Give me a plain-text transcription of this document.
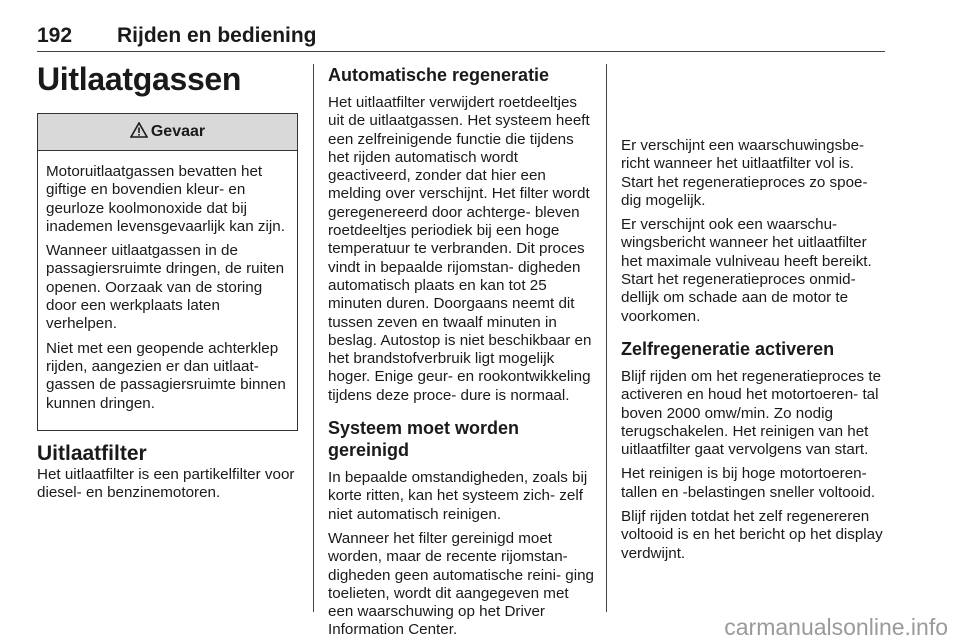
192 Rijden en bediening
Uitlaatgassen
Gevaar

Motoruitlaatgassen bevatten het giftige en bovendien kleur- en geurloze koolmonoxide dat bij inademen levensgevaarlijk kan zijn.

Wanneer uitlaatgassen in de passagiersruimte dringen, de ruiten openen. Oorzaak van de storing door een werkplaats laten verhelpen.

Niet met een geopende achterklep rijden, aangezien er dan uitlaat- gassen de passagiersruimte binnen kunnen dringen.

Uitlaatfilter

Het uitlaatfilter is een partikelfilter voor diesel- en benzinemotoren.

Automatische regeneratie

Het uitlaatfilter verwijdert roetdeeltjes uit de uitlaatgassen. Het systeem heeft een zelfreinigende functie die tijdens het rijden automatisch wordt geactiveerd, zonder dat hier een melding over verschijnt. Het filter wordt geregenereerd door achterge- bleven roetdeeltjes periodiek bij een hoge temperatuur te verbranden. Dit proces vindt in bepaalde rijomstan- digheden automatisch plaats en kan tot 25 minuten duren. Doorgaans neemt dit tussen zeven en twaalf minuten in beslag. Autostop is niet beschikbaar en het brandstofverbruik ligt mogelijk hoger. Enige geur- en rookontwikkeling tijdens deze proce- dure is normaal.

Systeem moet worden gereinigd

In bepaalde omstandigheden, zoals bij korte ritten, kan het systeem zich- zelf niet automatisch reinigen.

Wanneer het filter gereinigd moet worden, maar de recente rijomstan- digheden geen automatische reini- ging toelieten, wordt dit aangegeven met een waarschuwing op het Driver Information Center.

Er verschijnt een waarschuwingsbe- richt wanneer het uitlaatfilter vol is. Start het regeneratieproces zo spoe- dig mogelijk.

Er verschijnt ook een waarschu- wingsbericht wanneer het uitlaatfilter het maximale vulniveau heeft bereikt. Start het regeneratieproces onmid- dellijk om schade aan de motor te voorkomen.

Zelfregeneratie activeren

Blijf rijden om het regeneratieproces te activeren en houd het motortoeren- tal boven 2000 omw/min. Zo nodig terugschakelen. Het reinigen van het uitlaatfilter gaat vervolgens van start.

Het reinigen is bij hoge motortoeren- tallen en -belastingen sneller voltooid.

Blijf rijden totdat het zelf regenereren voltooid is en het bericht op het display verdwijnt.

carmanualsonline.info
